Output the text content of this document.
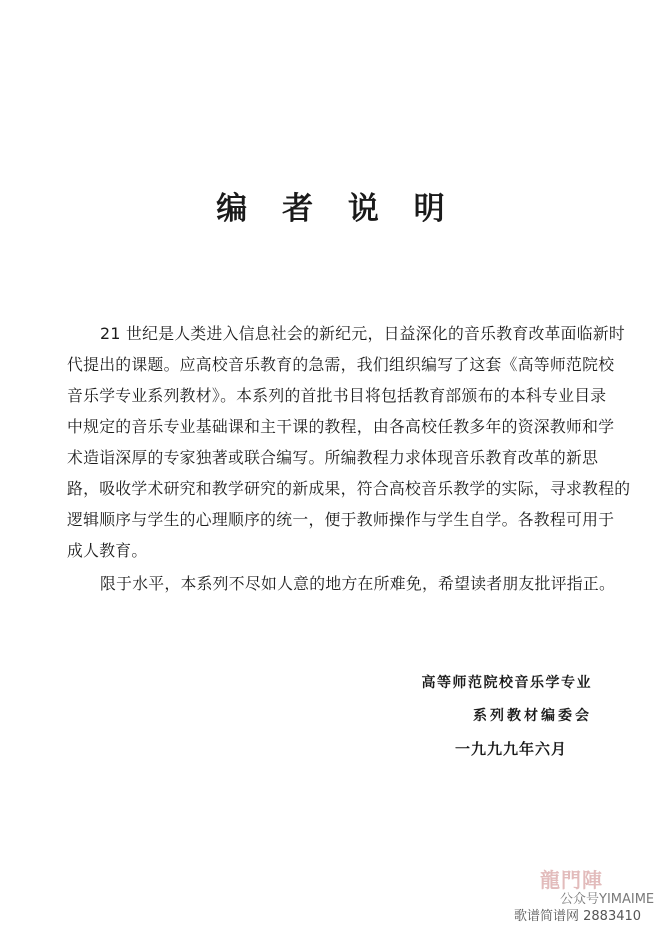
编 者 说 明
21 世纪是人类进入信息社会的新纪元，日益深化的音乐教育改革面临新时
代提出的课题。应高校音乐教育的急需，我们组织编写了这套《高等师范院校
音乐学专业系列教材》。本系列的首批书目将包括教育部颁布的本科专业目录
中规定的音乐专业基础课和主干课的教程，由各高校任教多年的资深教师和学
术造诣深厚的专家独著或联合编写。所编教程力求体现音乐教育改革的新思
路，吸收学术研究和教学研究的新成果，符合高校音乐教学的实际，寻求教程的
逻辑顺序与学生的心理顺序的统一，便于教师操作与学生自学。各教程可用于
成人教育。
限于水平，本系列不尽如人意的地方在所难免，希望读者朋友批评指正。
高等师范院校音乐学专业
系列教材编委会
一九九九年六月
龍門陣
公众号YIMAIME
歌谱简谱网 2883410
